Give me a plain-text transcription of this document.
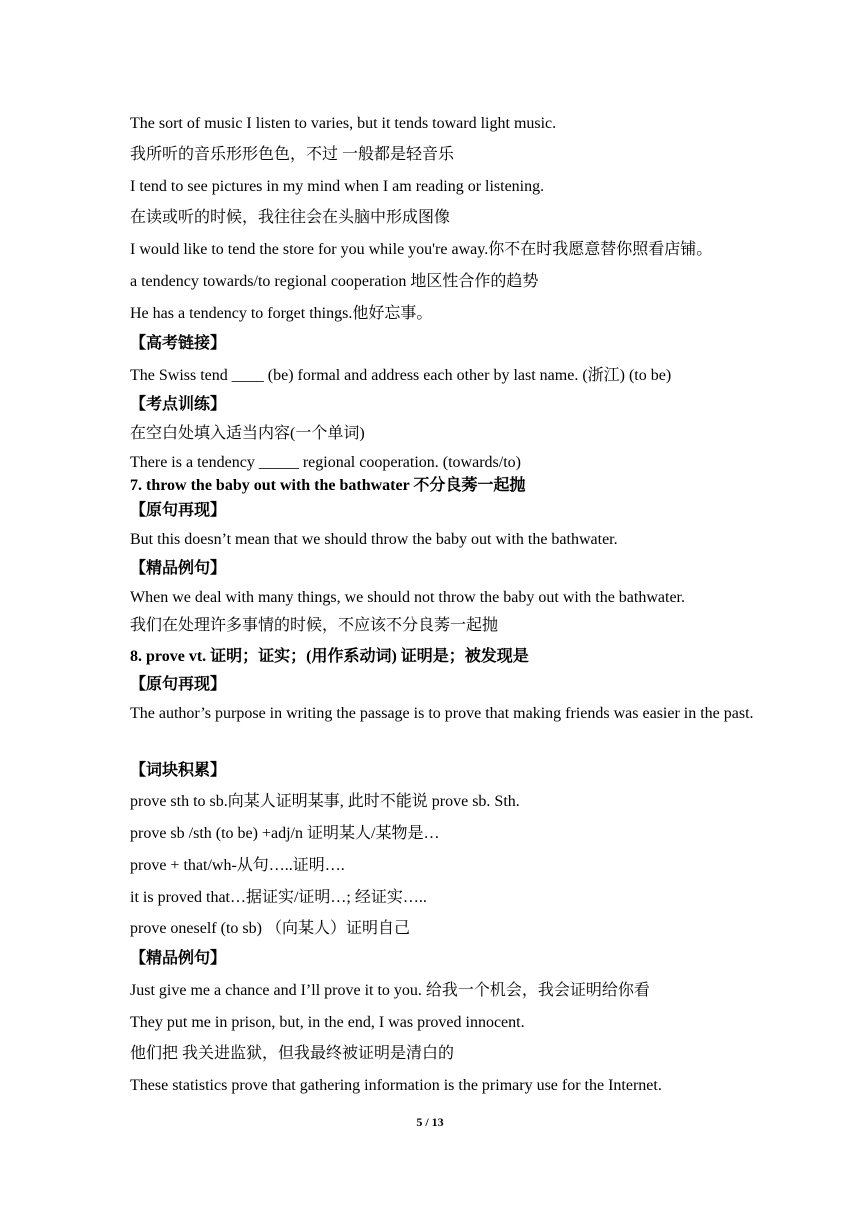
The sort of music I listen to varies, but it tends toward light music.
我所听的音乐形形色色，不过 一般都是轻音乐
I tend to see pictures in my mind when I am reading or listening.
在读或听的时候，我往往会在头脑中形成图像
I would like to tend the store for you while you're away.你不在时我愿意替你照看店铺。
a tendency towards/to regional cooperation 地区性合作的趋势
He has a tendency to forget things.他好忘事。
【高考链接】
The Swiss tend ____ (be) formal and address each other by last name. (浙江) (to be)
【考点训练】
在空白处填入适当内容(一个单词)
There is a tendency _____ regional cooperation. (towards/to)
7. throw the baby out with the bathwater 不分良莠一起抛
【原句再现】
But this doesn’t mean that we should throw the baby out with the bathwater.
【精品例句】
When we deal with many things, we should not throw the baby out with the bathwater.
我们在处理许多事情的时候，不应该不分良莠一起抛
8. prove vt. 证明；证实；(用作系动词) 证明是；被发现是
【原句再现】
The author’s purpose in writing the passage is to prove that making friends was easier in the past.
【词块积累】
prove sth to sb.向某人证明某事, 此时不能说 prove sb. Sth.
prove sb /sth (to be) +adj/n 证明某人/某物是…
prove + that/wh-从句…..证明….
it is proved that…据证实/证明…; 经证实…..
prove oneself (to sb) （向某人）证明自己
【精品例句】
Just give me a chance and I’ll prove it to you. 给我一个机会，我会证明给你看
They put me in prison, but, in the end, I was proved innocent.
他们把 我关进监狱，但我最终被证明是清白的
These statistics prove that gathering information is the primary use for the Internet.
5 / 13
